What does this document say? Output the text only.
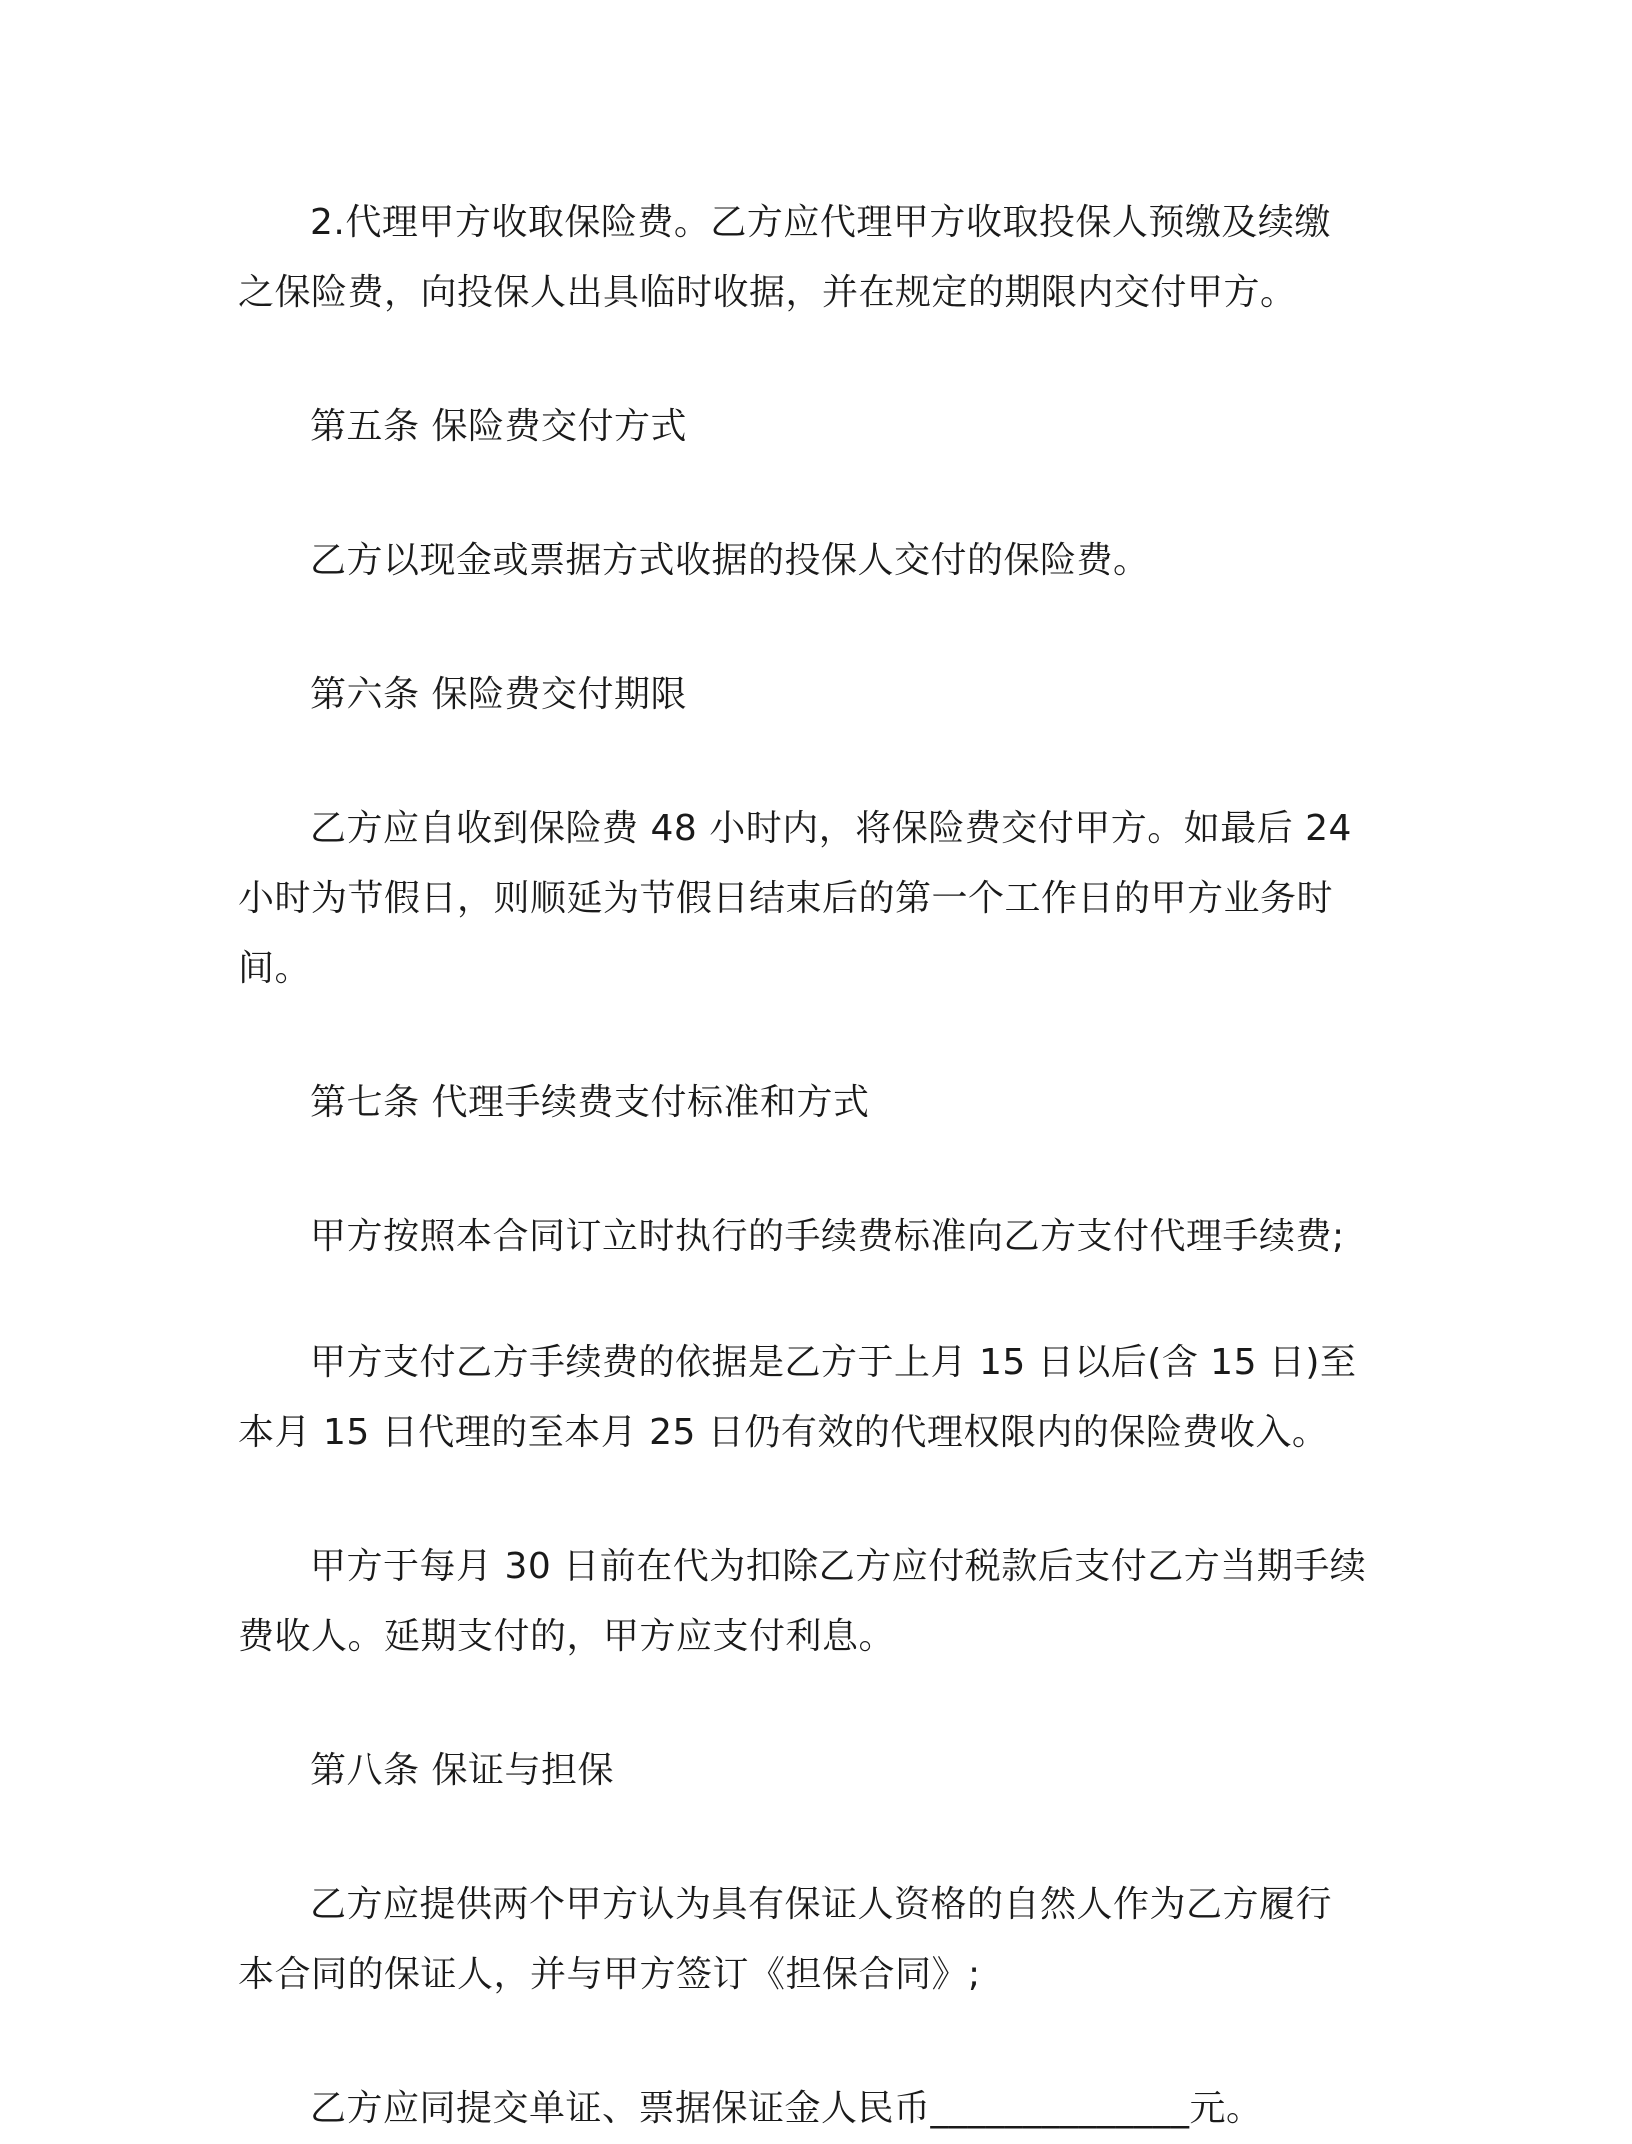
2.代理甲方收取保险费。乙方应代理甲方收取投保人预缴及续缴

之保险费，向投保人出具临时收据，并在规定的期限内交付甲方。

第五条 保险费交付方式

乙方以现金或票据方式收据的投保人交付的保险费。

第六条 保险费交付期限

乙方应自收到保险费 48 小时内，将保险费交付甲方。如最后 24

小时为节假日，则顺延为节假日结束后的第一个工作日的甲方业务时

间。

第七条 代理手续费支付标准和方式

甲方按照本合同订立时执行的手续费标准向乙方支付代理手续费;

甲方支付乙方手续费的依据是乙方于上月 15 日以后(含 15 日)至

本月 15 日代理的至本月 25 日仍有效的代理权限内的保险费收入。

甲方于每月 30 日前在代为扣除乙方应付税款后支付乙方当期手续

费收人。延期支付的，甲方应支付利息。

第八条 保证与担保

乙方应提供两个甲方认为具有保证人资格的自然人作为乙方履行

本合同的保证人，并与甲方签订《担保合同》;

乙方应同提交单证、票据保证金人民币______________元。
